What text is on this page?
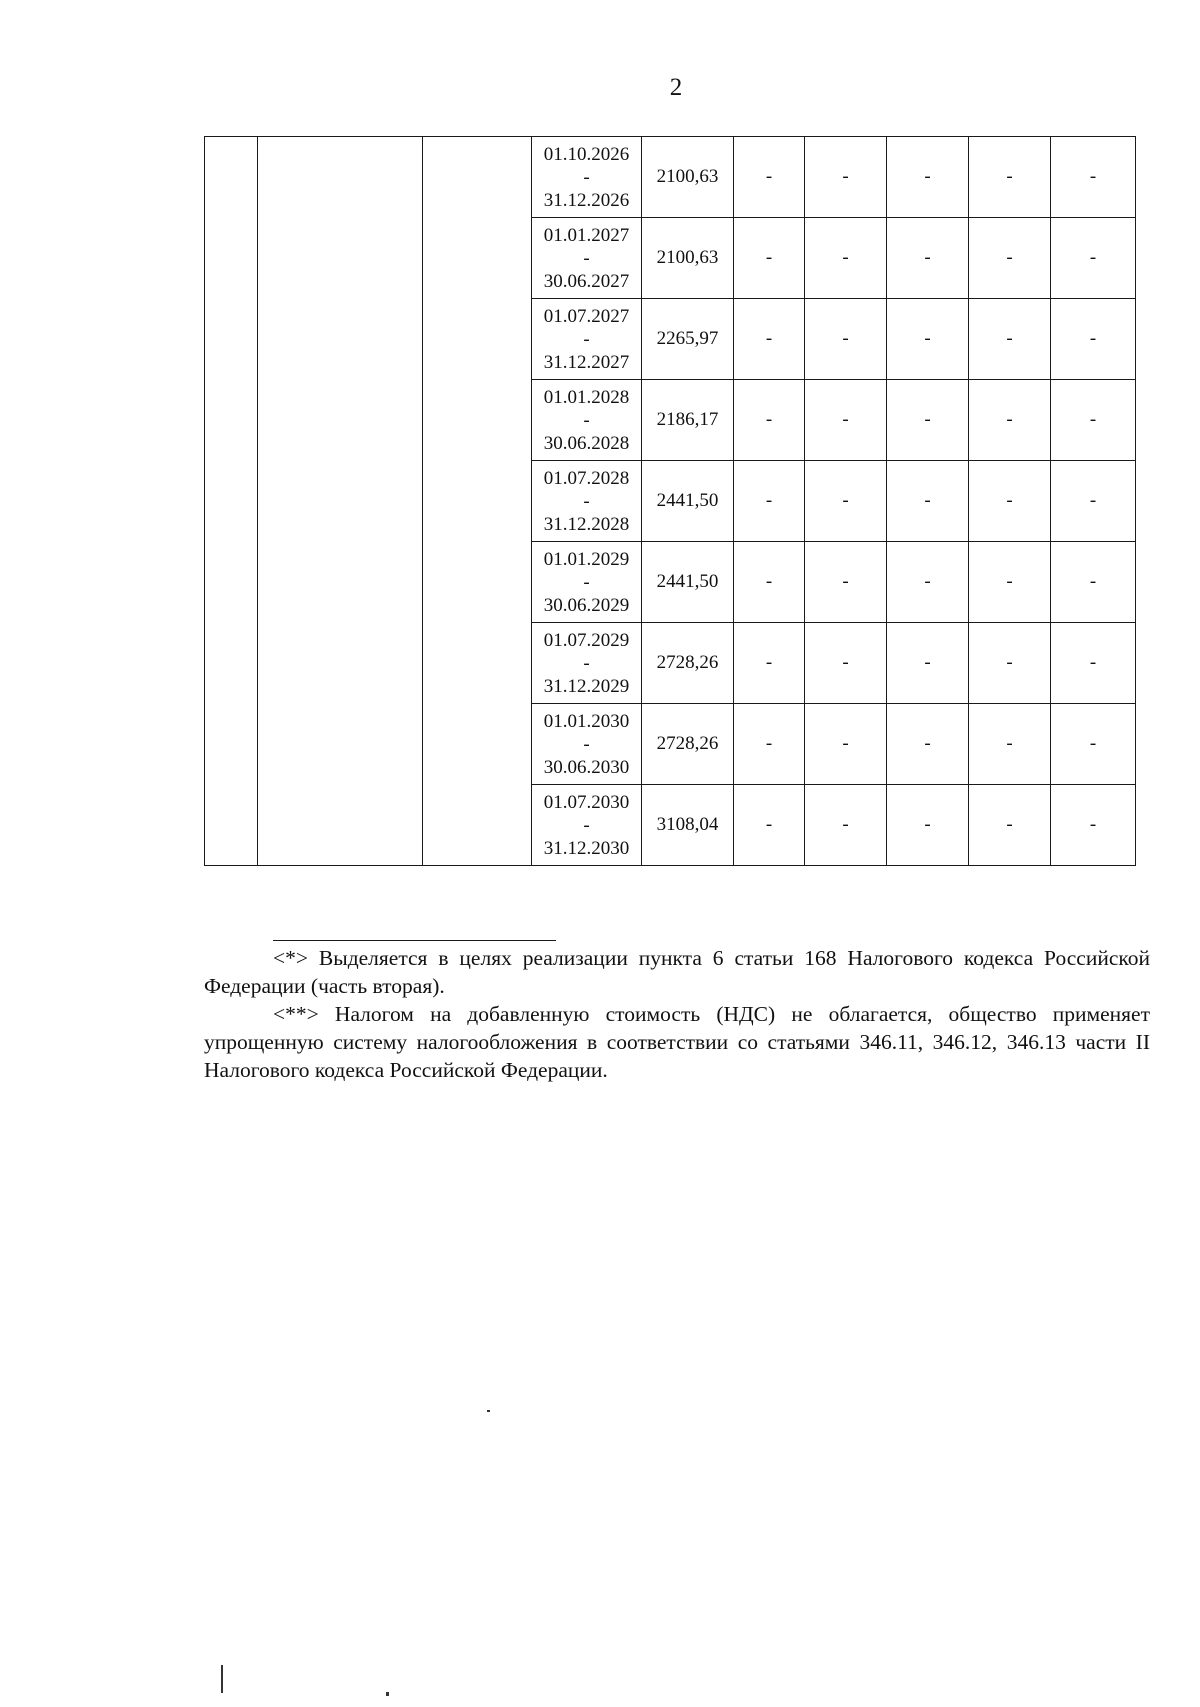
2

			01.10.2026
-
31.12.2026	2100,63	-	-	-	-	-

			01.01.2027
-
30.06.2027	2100,63	-	-	-	-	-

			01.07.2027
-
31.12.2027	2265,97	-	-	-	-	-

			01.01.2028
-
30.06.2028	2186,17	-	-	-	-	-

			01.07.2028
-
31.12.2028	2441,50	-	-	-	-	-

			01.01.2029
-
30.06.2029	2441,50	-	-	-	-	-

			01.07.2029
-
31.12.2029	2728,26	-	-	-	-	-

			01.01.2030
-
30.06.2030	2728,26	-	-	-	-	-

			01.07.2030
-
31.12.2030	3108,04	-	-	-	-	-

<*> Выделяется в целях реализации пункта 6 статьи 168 Налогового кодекса Российской Федерации (часть вторая).

<**> Налогом на добавленную стоимость (НДС) не облагается, общество применяет упрощенную систему налогообложения в соответствии со статьями 346.11, 346.12, 346.13 части II Налогового кодекса Российской Федерации.
